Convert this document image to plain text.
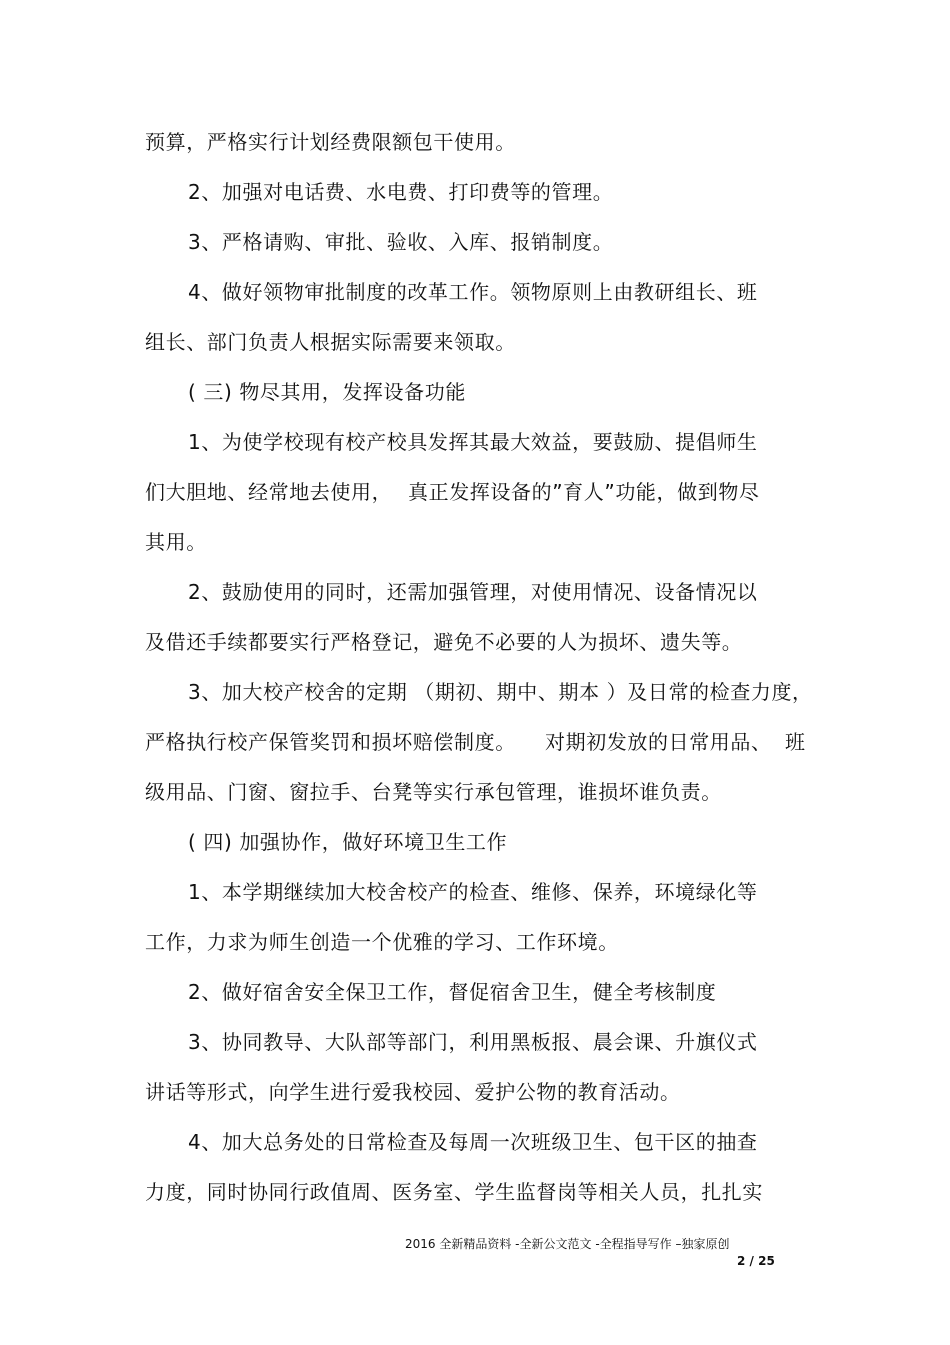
预算，严格实行计划经费限额包干使用。
2、加强对电话费、水电费、打印费等的管理。
3、严格请购、审批、验收、入库、报销制度。
4、做好领物审批制度的改革工作。领物原则上由教研组长、班
组长、部门负责人根据实际需要来领取。
( 三) 物尽其用，发挥设备功能
1、为使学校现有校产校具发挥其最大效益，要鼓励、提倡师生
们大胆地、经常地去使用， 真正发挥设备的”育人”功能，做到物尽
其用。
2、鼓励使用的同时，还需加强管理，对使用情况、设备情况以
及借还手续都要实行严格登记，避免不必要的人为损坏、遗失等。
3、加大校产校舍的定期 （期初、期中、期本 ）及日常的检查力度，
严格执行校产保管奖罚和损坏赔偿制度。 对期初发放的日常用品、 班
级用品、门窗、窗拉手、台凳等实行承包管理，谁损坏谁负责。
( 四) 加强协作，做好环境卫生工作
1、本学期继续加大校舍校产的检查、维修、保养，环境绿化等
工作，力求为师生创造一个优雅的学习、工作环境。
2、做好宿舍安全保卫工作，督促宿舍卫生，健全考核制度
3、协同教导、大队部等部门，利用黑板报、晨会课、升旗仪式
讲话等形式，向学生进行爱我校园、爱护公物的教育活动。
4、加大总务处的日常检查及每周一次班级卫生、包干区的抽查
力度，同时协同行政值周、医务室、学生监督岗等相关人员，扎扎实
2016 全新精品资料 -全新公文范文 -全程指导写作 –独家原创
2 / 25
